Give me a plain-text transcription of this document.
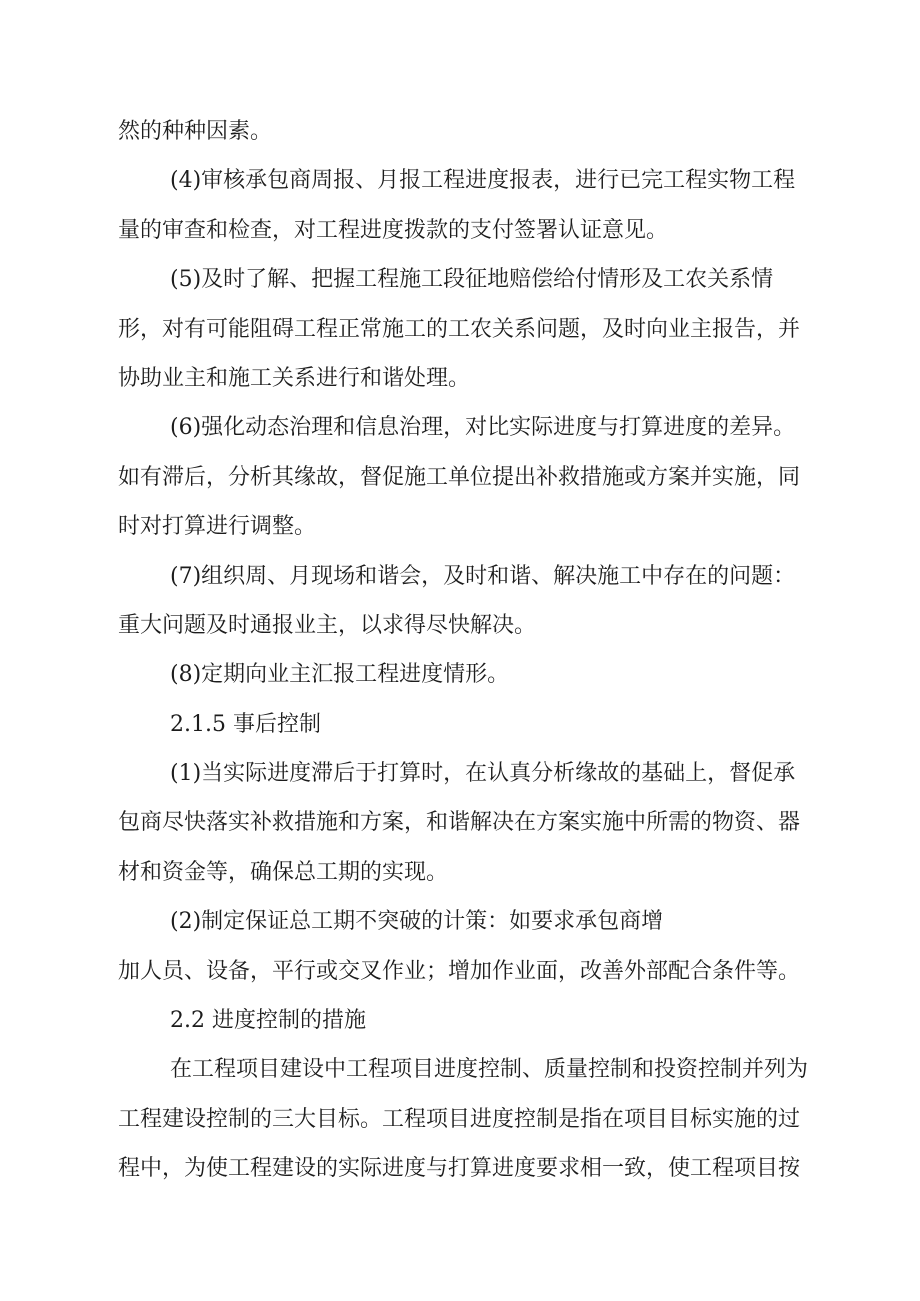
然的种种因素。

(4)审核承包商周报、月报工程进度报表，进行已完工程实物工程

量的审查和检查，对工程进度拨款的支付签署认证意见。

(5)及时了解、把握工程施工段征地赔偿给付情形及工农关系情

形，对有可能阻碍工程正常施工的工农关系问题，及时向业主报告，并

协助业主和施工关系进行和谐处理。

(6)强化动态治理和信息治理，对比实际进度与打算进度的差异。

如有滞后，分析其缘故，督促施工单位提出补救措施或方案并实施，同

时对打算进行调整。

(7)组织周、月现场和谐会，及时和谐、解决施工中存在的问题：

重大问题及时通报业主，以求得尽快解决。

(8)定期向业主汇报工程进度情形。

2.1.5 事后控制

(1)当实际进度滞后于打算时，在认真分析缘故的基础上，督促承

包商尽快落实补救措施和方案，和谐解决在方案实施中所需的物资、器

材和资金等，确保总工期的实现。

(2)制定保证总工期不突破的计策：如要求承包商增

加人员、设备，平行或交叉作业；增加作业面，改善外部配合条件等。

2.2 进度控制的措施

在工程项目建设中工程项目进度控制、质量控制和投资控制并列为

工程建设控制的三大目标。工程项目进度控制是指在项目目标实施的过

程中，为使工程建设的实际进度与打算进度要求相一致，使工程项目按
